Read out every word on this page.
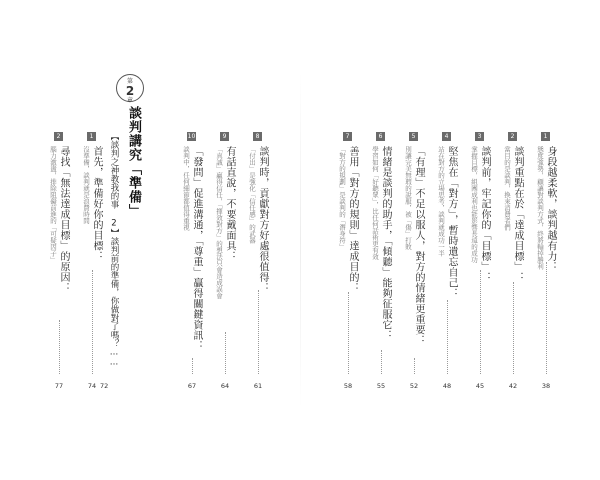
1
身段越柔軟，談判越有力：
態度強勢，顧讓對談判方式，終將輸掉勝利
38
2
談判重點在於「達成目標」：
當目的是談判，換來消費者們
42
3
談判前，牢記你的「目標」：
掌握目標，組團成利也能影響長遠的成功
45
4
堅焦在「對方」，暫時遺忘自己：
站在對方的立場思考，談判就成功一半
48
5
「有理」不足以服人，對方的情緒更重要：
別讓完美無瑕的說服，被「傷」打敗
52
6
情緒是談判的助手，「傾聽」能夠征服它：
學習如何「好聽眾」，比任何話術更有效
55
7
善用「對方的規則」達成目的：
「對方的規劃」是談判的「潛身符」
58
8
談判時，貢獻對方好處很值得：
「付出」是強化「信任感」的武器
61
9
有話直說，不要戴面具：
「真誠」贏得信任，「揮效對方」的想法只會造成誤會
64
10
「發問」促進溝通，「尊重」贏得關鍵資訊：
談判中，任何細節都值得重視
67
第
2
章
談判講究「準備」
【談判之神教我的事 2】談判前的準備，你做對了嗎？……
72
1
首先，準備好你的目標：
沒準備，談判就是浪費時間
74
2
尋找「無法達成目標」的原因：
腦力激盪，排除阻礙前進的「可疑因子」
77
